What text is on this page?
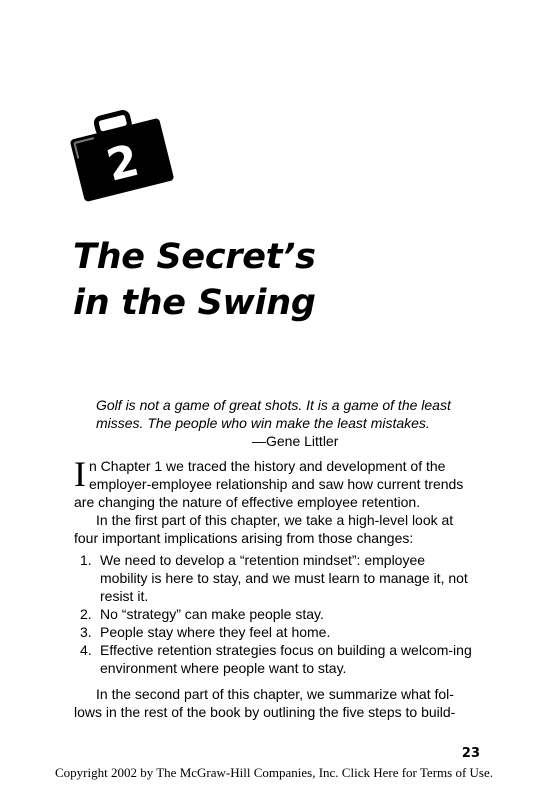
2
The Secret’s
in the Swing
Golf is not a game of great shots. It is a game of the least
misses. The people who win make the least mistakes.
—Gene Littler

In Chapter 1 we traced the history and development of the employer-employee relationship and saw how current trends are changing the nature of effective employee retention.

In the first part of this chapter, we take a high-level look at four important implications arising from those changes:

1. We need to develop a “retention mindset”: employee mobility is here to stay, and we must learn to manage it, not resist it.
2. No “strategy” can make people stay.
3. People stay where they feel at home.
4. Effective retention strategies focus on building a welcom-ing environment where people want to stay.

In the second part of this chapter, we summarize what fol-lows in the rest of the book by outlining the five steps to build-

23
Copyright 2002 by The McGraw-Hill Companies, Inc. Click Here for Terms of Use.
